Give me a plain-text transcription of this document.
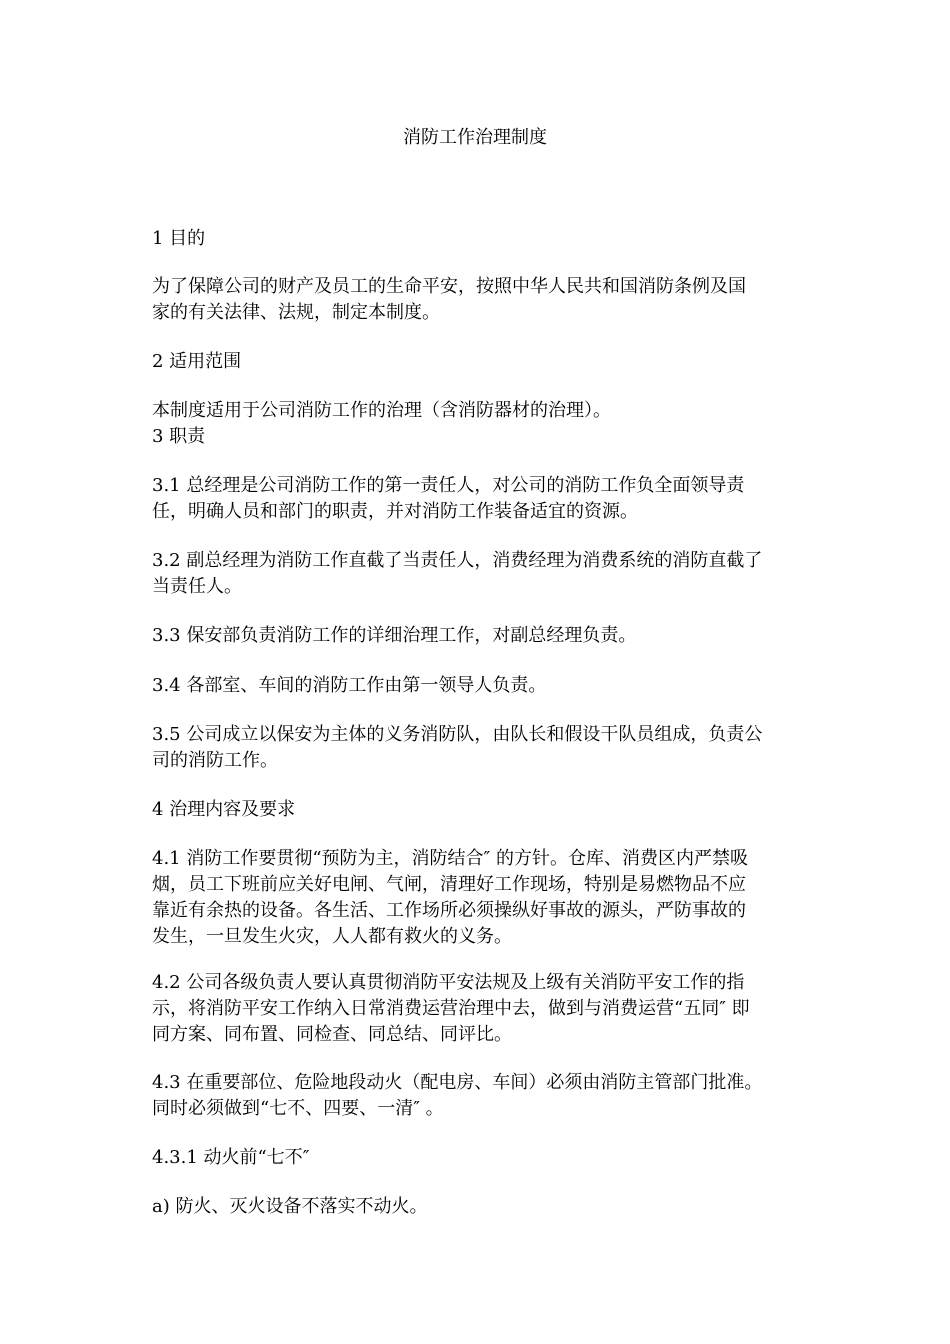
消防工作治理制度
1 目的
为了保障公司的财产及员工的生命平安，按照中华人民共和国消防条例及国
家的有关法律、法规，制定本制度。
2 适用范围
本制度适用于公司消防工作的治理（含消防器材的治理）。
3 职责
3.1 总经理是公司消防工作的第一责任人，对公司的消防工作负全面领导责
任，明确人员和部门的职责，并对消防工作装备适宜的资源。
3.2 副总经理为消防工作直截了当责任人，消费经理为消费系统的消防直截了
当责任人。
3.3 保安部负责消防工作的详细治理工作，对副总经理负责。
3.4 各部室、车间的消防工作由第一领导人负责。
3.5 公司成立以保安为主体的义务消防队，由队长和假设干队员组成，负责公
司的消防工作。
4 治理内容及要求
4.1 消防工作要贯彻“预防为主，消防结合″ 的方针。仓库、消费区内严禁吸
烟，员工下班前应关好电闸、气闸，清理好工作现场，特别是易燃物品不应
靠近有余热的设备。各生活、工作场所必须操纵好事故的源头，严防事故的
发生，一旦发生火灾，人人都有救火的义务。
4.2 公司各级负责人要认真贯彻消防平安法规及上级有关消防平安工作的指
示，将消防平安工作纳入日常消费运营治理中去，做到与消费运营“五同″ 即
同方案、同布置、同检查、同总结、同评比。
4.3 在重要部位、危险地段动火（配电房、车间）必须由消防主管部门批准。
同时必须做到“七不、四要、一清″ 。
4.3.1 动火前“七不″
a) 防火、灭火设备不落实不动火。
